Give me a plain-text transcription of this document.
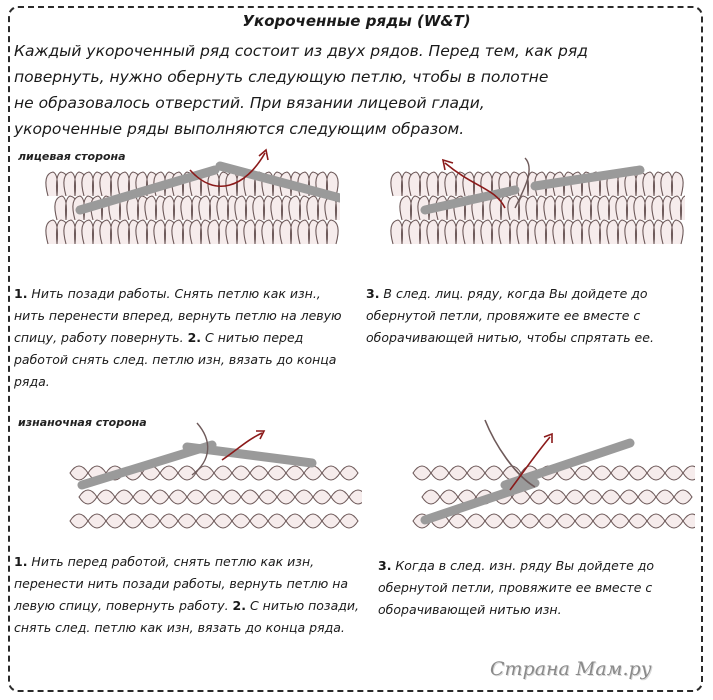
Укороченные ряды (W&T)

Каждый укороченный ряд состоит из двух рядов. Перед тем, как ряд
повернуть, нужно обернуть следующую петлю, чтобы в полотне
не образовалось отверстий. При вязании лицевой глади,
укороченные ряды выполняются следующим образом.

лицевая сторона

1. Нить позади работы. Снять петлю как изн., нить перенести вперед, вернуть петлю на левую спицу, работу повернуть. 2. С нитью перед работой снять след. петлю изн, вязать до конца ряда.

3. В след. лиц. ряду, когда Вы дойдете до обернутой петли, провяжите ее вместе с оборачивающей нитью, чтобы спрятать ее.

изнаночная сторона

1. Нить перед работой, снять петлю как изн, перенести нить позади работы, вернуть петлю на левую спицу, повернуть работу. 2. С нитью позади, снять след. петлю как изн, вязать до конца ряда.

3. Когда в след. изн. ряду Вы дойдете до обернутой петли, провяжите ее вместе с оборачивающей нитью изн.

Страна Мам.ру
